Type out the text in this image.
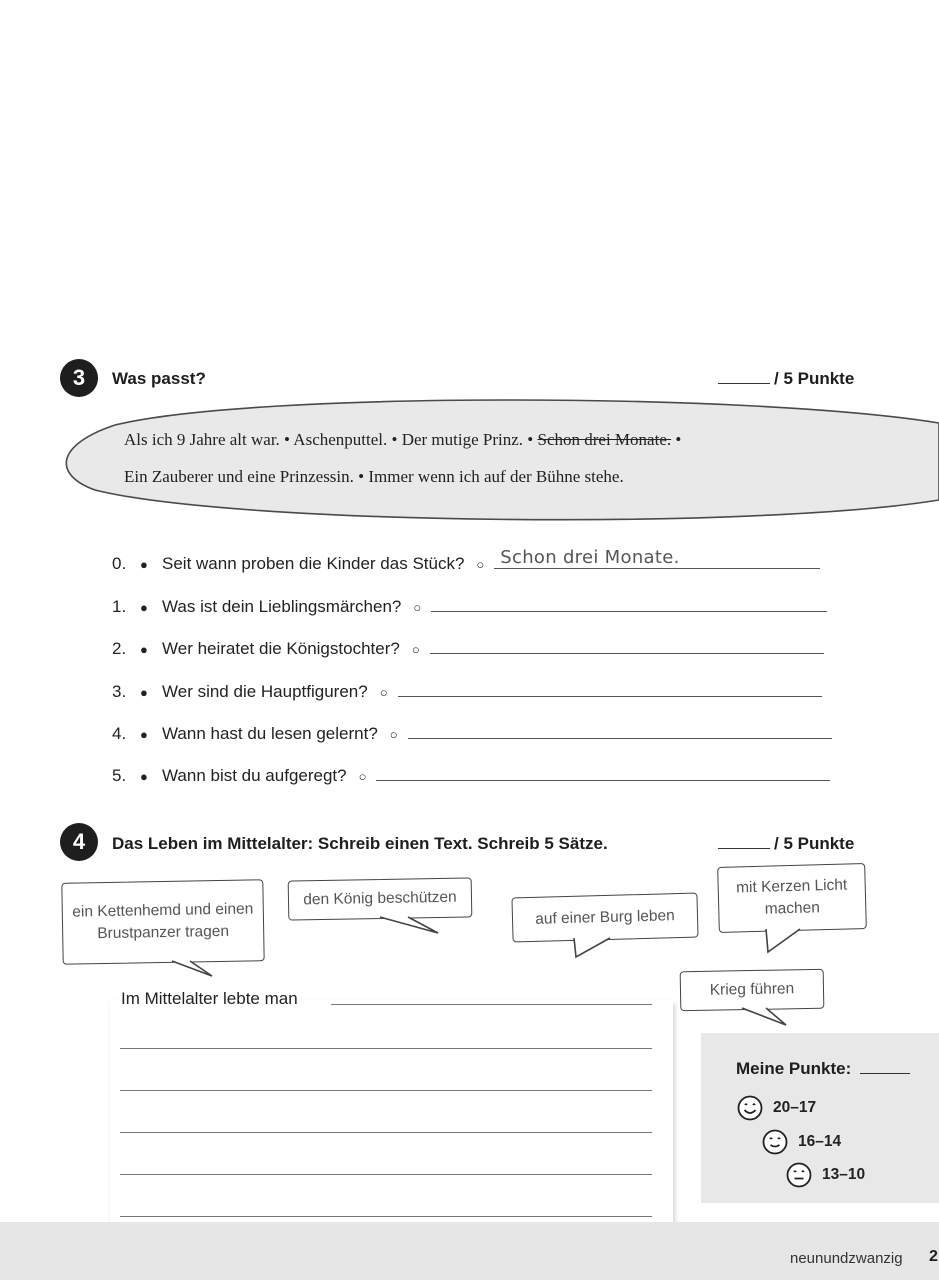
3	Was passt?	/ 5 Punkte
Als ich 9 Jahre alt war. • Aschenputtel. • Der mutige Prinz. • Schon drei Monate. •
Ein Zauberer und eine Prinzessin. • Immer wenn ich auf der Bühne stehe.
0.	● Seit wann proben die Kinder das Stück? ○ Schon drei Monate.
1.	● Was ist dein Lieblingsmärchen? ○
2.	● Wer heiratet die Königstochter? ○
3.	● Wer sind die Hauptfiguren? ○
4.	● Wann hast du lesen gelernt? ○
5.	● Wann bist du aufgeregt? ○
4	Das Leben im Mittelalter: Schreib einen Text. Schreib 5 Sätze.	/ 5 Punkte
ein Kettenhemd und einen Brustpanzer tragen
den König beschützen
auf einer Burg leben
mit Kerzen Licht machen
Krieg führen
Im Mittelalter lebte man
Meine Punkte:
20–17
16–14
13–10
neunundzwanzig 2
